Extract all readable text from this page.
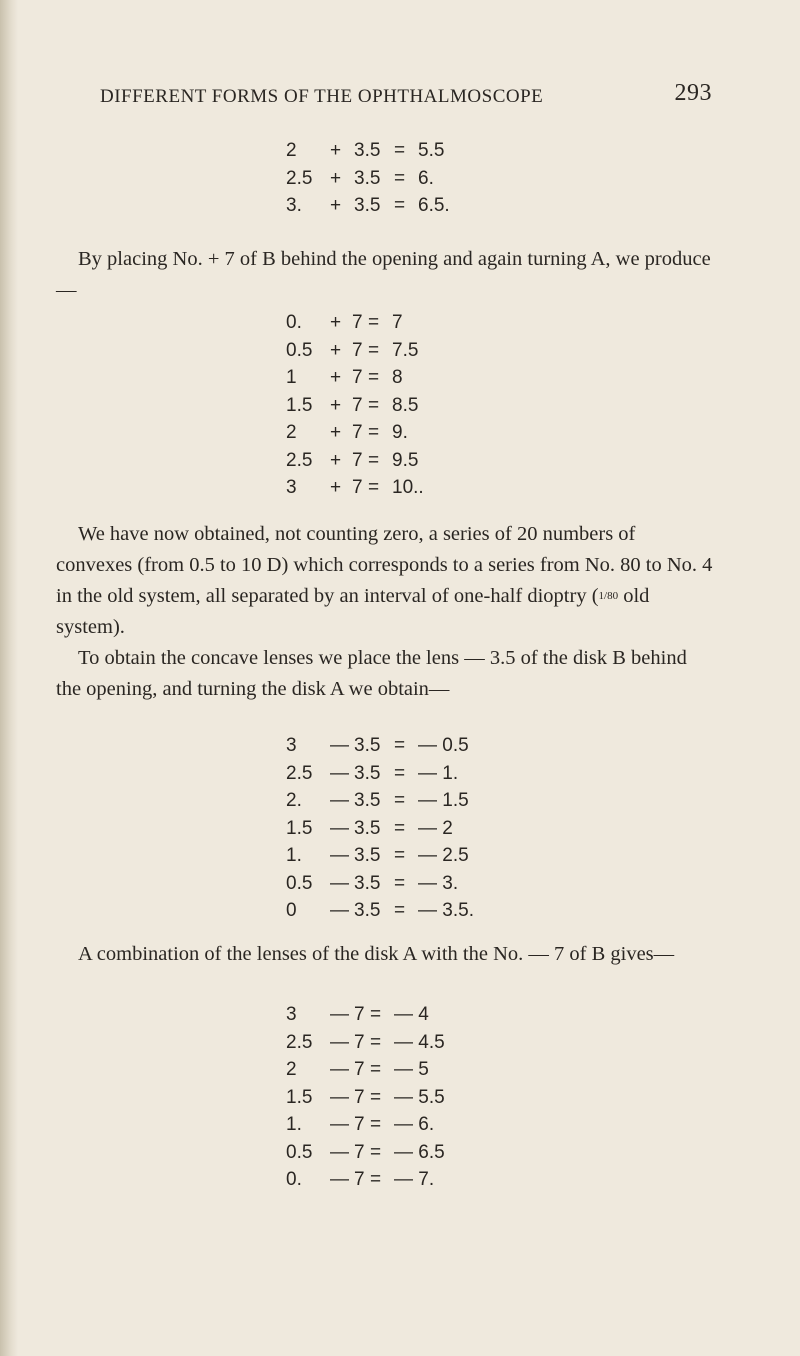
DIFFERENT FORMS OF THE OPHTHALMOSCOPE	293
2 + 3.5 = 5.5
2.5 + 3.5 = 6.
3. + 3.5 = 6.5.

By placing No. + 7 of B behind the opening and again turning A, we produce—

0. + 7 = 7
0.5 + 7 = 7.5
1 + 7 = 8
1.5 + 7 = 8.5
2 + 7 = 9.
2.5 + 7 = 9.5
3 + 7 = 10..

We have now obtained, not counting zero, a series of 20 numbers of convexes (from 0.5 to 10 D) which corresponds to a series from No. 80 to No. 4 in the old system, all separated by an interval of one-half dioptry (1/80 old system).

To obtain the concave lenses we place the lens — 3.5 of the disk B behind the opening, and turning the disk A we obtain—

3 — 3.5 = — 0.5
2.5 — 3.5 = — 1.
2. — 3.5 = — 1.5
1.5 — 3.5 = — 2
1. — 3.5 = — 2.5
0.5 — 3.5 = — 3.
0 — 3.5 = — 3.5.

A combination of the lenses of the disk A with the No. — 7 of B gives—

3 — 7 = — 4
2.5 — 7 = — 4.5
2 — 7 = — 5
1.5 — 7 = — 5.5
1. — 7 = — 6.
0.5 — 7 = — 6.5
0. — 7 = — 7.
